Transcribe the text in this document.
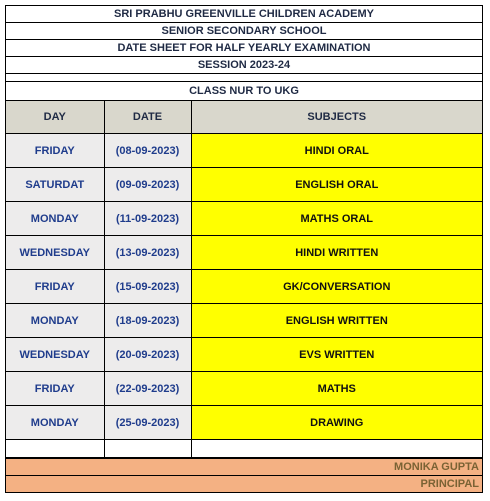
SRI PRABHU GREENVILLE CHILDREN ACADEMY
SENIOR SECONDARY SCHOOL
DATE SHEET FOR HALF YEARLY EXAMINATION
SESSION 2023-24
CLASS NUR TO UKG
DAY	DATE	SUBJECTS
FRIDAY	(08-09-2023)	HINDI ORAL
SATURDAT	(09-09-2023)	ENGLISH ORAL
MONDAY	(11-09-2023)	MATHS ORAL
WEDNESDAY	(13-09-2023)	HINDI WRITTEN
FRIDAY	(15-09-2023)	GK/CONVERSATION
MONDAY	(18-09-2023)	ENGLISH WRITTEN
WEDNESDAY	(20-09-2023)	EVS WRITTEN
FRIDAY	(22-09-2023)	MATHS
MONDAY	(25-09-2023)	DRAWING

MONIKA GUPTA
PRINCIPAL
